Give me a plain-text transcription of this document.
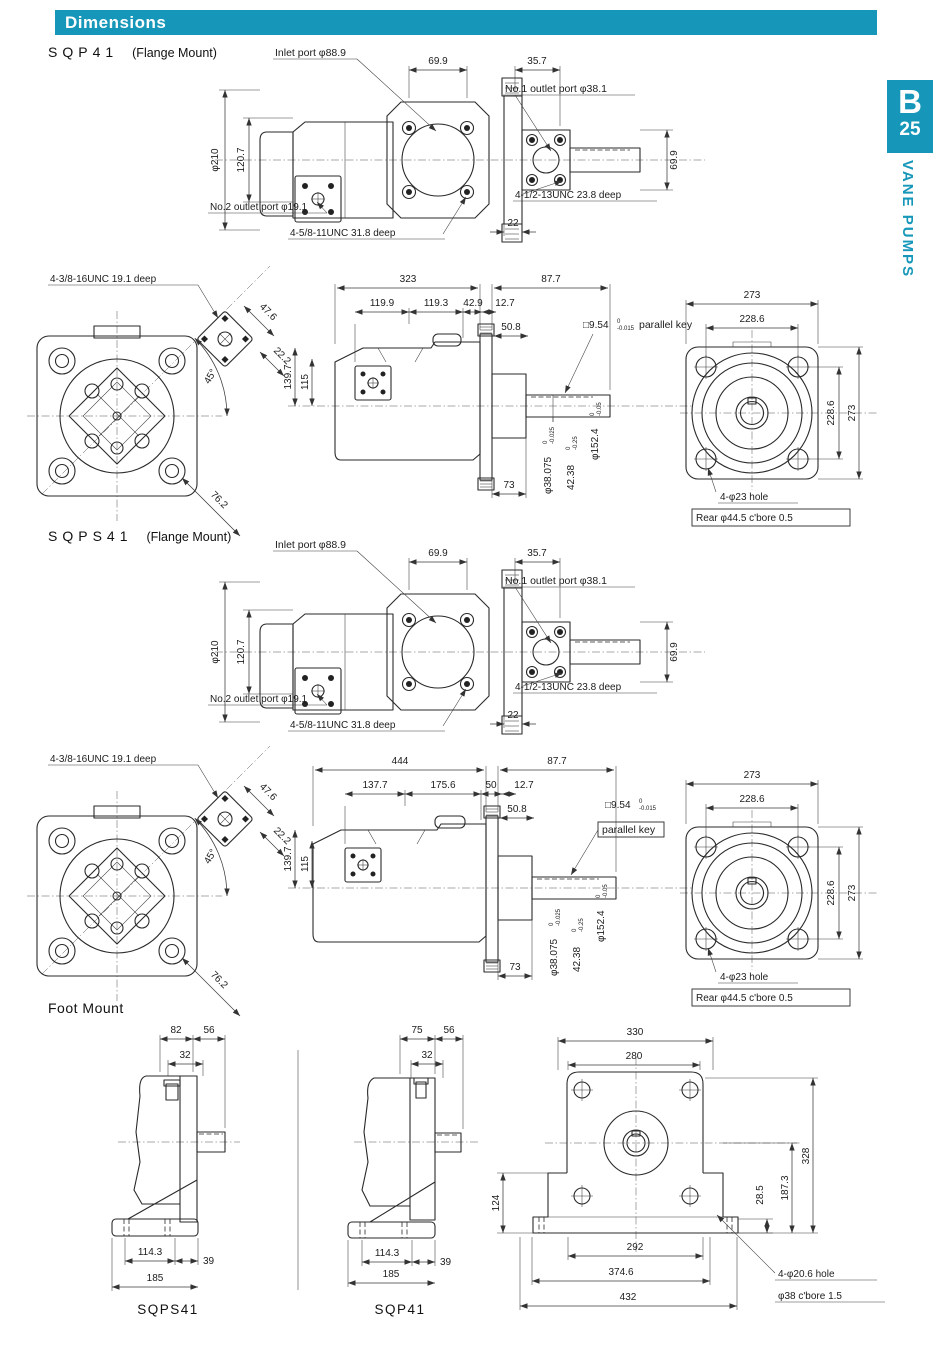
Dimensions
B
25
VANE PUMPS
SQP41 (Flange Mount)
SQPS41 (Flange Mount)
Foot Mount
69.9	35.7
φ210 120.7	69.9
Inlet port φ88.9
No.1 outlet port φ38.1
4-1/2-13UNC 23.8 deep
No.2 outlet port φ19.1
4-5/8-11UNC 31.8 deep
22
4-3/8-16UNC 19.1 deep
47.6
22.2
45°
76.2
323	87.7
119.9	119.3 42.9 12.7
50.8	□9.54 0
-0.015 parallel key
139.7 115
φ38.075
0 -0.025
42.38
0 -0.25 φ152.4
0 -0.05
73
273
228.6
228.6 273
4-φ23 hole
Rear φ44.5 c'bore 0.5
69.9	35.7
φ210 120.7	69.9
Inlet port φ88.9
No.1 outlet port φ38.1
4-1/2-13UNC 23.8 deep
No.2 outlet port φ19.1
4-5/8-11UNC 31.8 deep
22
4-3/8-16UNC 19.1 deep
47.6
22.2
45°
76.2
444	87.7
137.7	175.6	50 12.7
50.8	□9.54 0
-0.015
parallel key
139.7 115
φ38.075
0 -0.025
42.38
0 -0.25 φ152.4
0 -0.05
73
273
228.6
228.6 273
4-φ23 hole
Rear φ44.5 c'bore 0.5
82 56
32
114.3
39
185
75 56
32
114.3
39
185
330
280
124	28.5 187.3
328
292
374.6
432
4-φ20.6 hole
φ38 c'bore 1.5
SQPS41	SQP41
